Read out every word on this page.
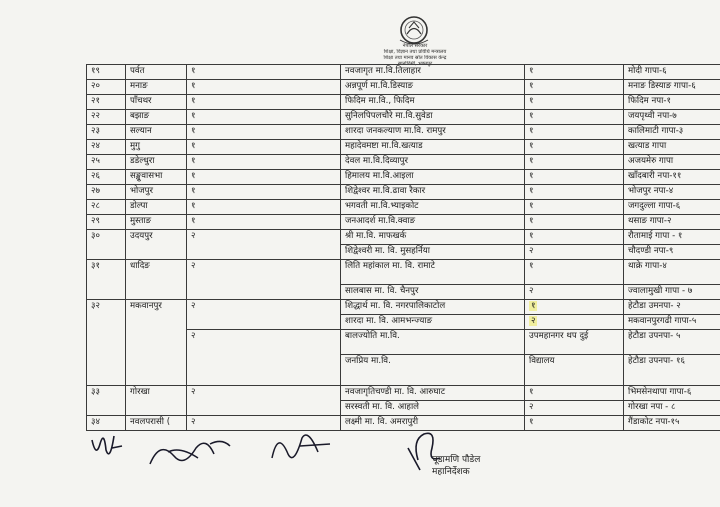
नेपाल सरकार
शिक्षा, विज्ञान तथा प्रविधि मन्त्रालय
शिक्षा तथा मानव स्रोत विकास केन्द्र
सानोठिमी, भक्तपुर
१९	पर्वत	१	नवजागृत मा.वि.तिलाहार	१	मोदी गापा-६
२०	मनाङ	१	अन्नपूर्ण मा.वि.डिस्याङ	१	मनाङ डिस्याङ गापा-६
२१	पाँचथर	१	फिदिम मा.वि., फिदिम	१	फिदिम नपा-१
२२	बझाङ	१	सुनिलपिपलचौरे मा.वि.सुवेडा	१	जयपृथ्वी नपा-७
२३	सल्यान	१	शारदा जनकल्याण मा.वि. रामपुर	१	कालिमाटी गापा-३
२४	मुगु	१	महादेवमष्टा मा.वि.खत्याड	१	खत्याड गापा
२५	डडेल्धुरा	१	देवल मा.वि.दिव्यापुर	१	अजयमेरु गापा
२६	सङ्खुवासभा	१	हिमालय मा.वि.आइला	१	खाँदबारी नपा-११
२७	भोजपुर	१	शिद्वेश्वर मा.वि.ढावा रैकार	१	भोजपुर नपा-४
२८	डोल्पा	१	भगवती मा.वि.भ्याइकोट	१	जगदुल्ला गापा-६
२९	मुस्ताङ	१	जनआदर्श मा.वि.क्वाङ	१	थसाङ गापा-२
३०	उदयपुर	२	श्री मा.वि. माफखर्क	१	रौतामाई गापा - १
			शिद्वेश्वरी मा. वि. मुसहर्निया	२	चौदण्डी नपा-९
३१	धादिङ	२	लिति महांकाल मा. वि. रामाटे	१	थाक्रे गापा-४
			सालबास मा. वि. चैनपुर	२	ज्वालामुखी गापा - ७
३२	मकवानपुर	२	शिद्धार्थ मा. वि. नगरपालिकाटोल	१	हेटौडा उमनपा- २
			शारदा मा. वि. आमभन्ज्याङ	२	मकवानपुरगढी गापा-५
		२	बालज्योति मा.वि.	उपमहानगर थप दुई	हेटौडा उपनपा- ५
			जनप्रिय मा.वि.	विद्यालय	हेटौडा उपनपा- १६
३३	गोरखा	२	नवजागृतिचण्डी मा. वि. आरुघाट	१	भिमसेनथापा गापा-६
			सरस्वती मा. वि. आहाले	२	गोरखा नपा - ८
३४	नवलपरासी (	२	लक्ष्मी मा. वि. अमरापुरी	१	गैंडाकोट नपा-१५
चूडामणि पौडेल
महानिर्देशक
